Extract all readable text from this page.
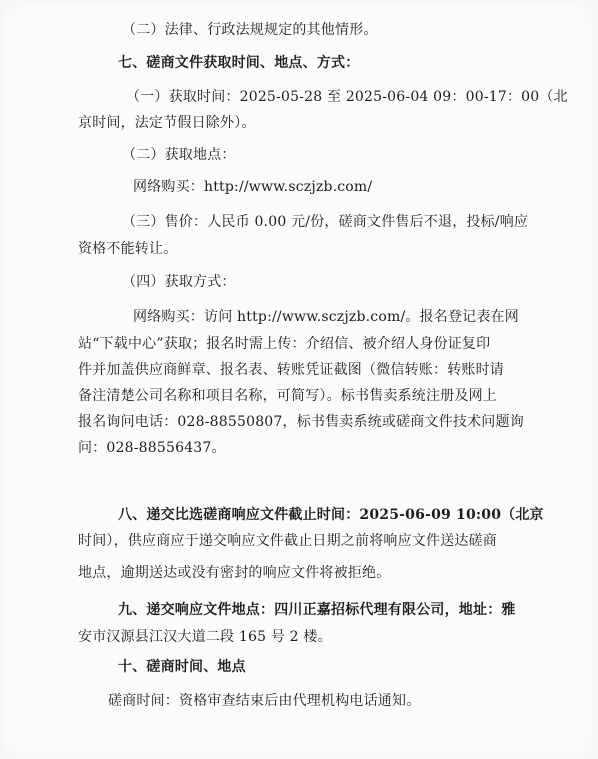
（二）法律、行政法规规定的其他情形。
七、磋商文件获取时间、地点、方式：
（一）获取时间：2025-05-28 至 2025-06-04 09：00-17：00（北
京时间，法定节假日除外）。
（二）获取地点：
网络购买：http://www.sczjzb.com/
（三）售价：人民币 0.00 元/份，磋商文件售后不退，投标/响应
资格不能转让。
（四）获取方式：
网络购买：访问 http://www.sczjzb.com/。报名登记表在网
站“下载中心”获取；报名时需上传：介绍信、被介绍人身份证复印
件并加盖供应商鲜章、报名表、转账凭证截图（微信转账：转账时请
备注清楚公司名称和项目名称，可简写）。标书售卖系统注册及网上
报名询问电话：028-88550807，标书售卖系统或磋商文件技术问题询
问：028-88556437。
八、递交比选磋商响应文件截止时间：2025-06-09 10:00（北京
时间），供应商应于递交响应文件截止日期之前将响应文件送达磋商
地点，逾期送达或没有密封的响应文件将被拒绝。
九、递交响应文件地点：四川正嘉招标代理有限公司，地址：雅
安市汉源县江汉大道二段 165 号 2 楼。
十、磋商时间、地点
磋商时间：资格审查结束后由代理机构电话通知。
